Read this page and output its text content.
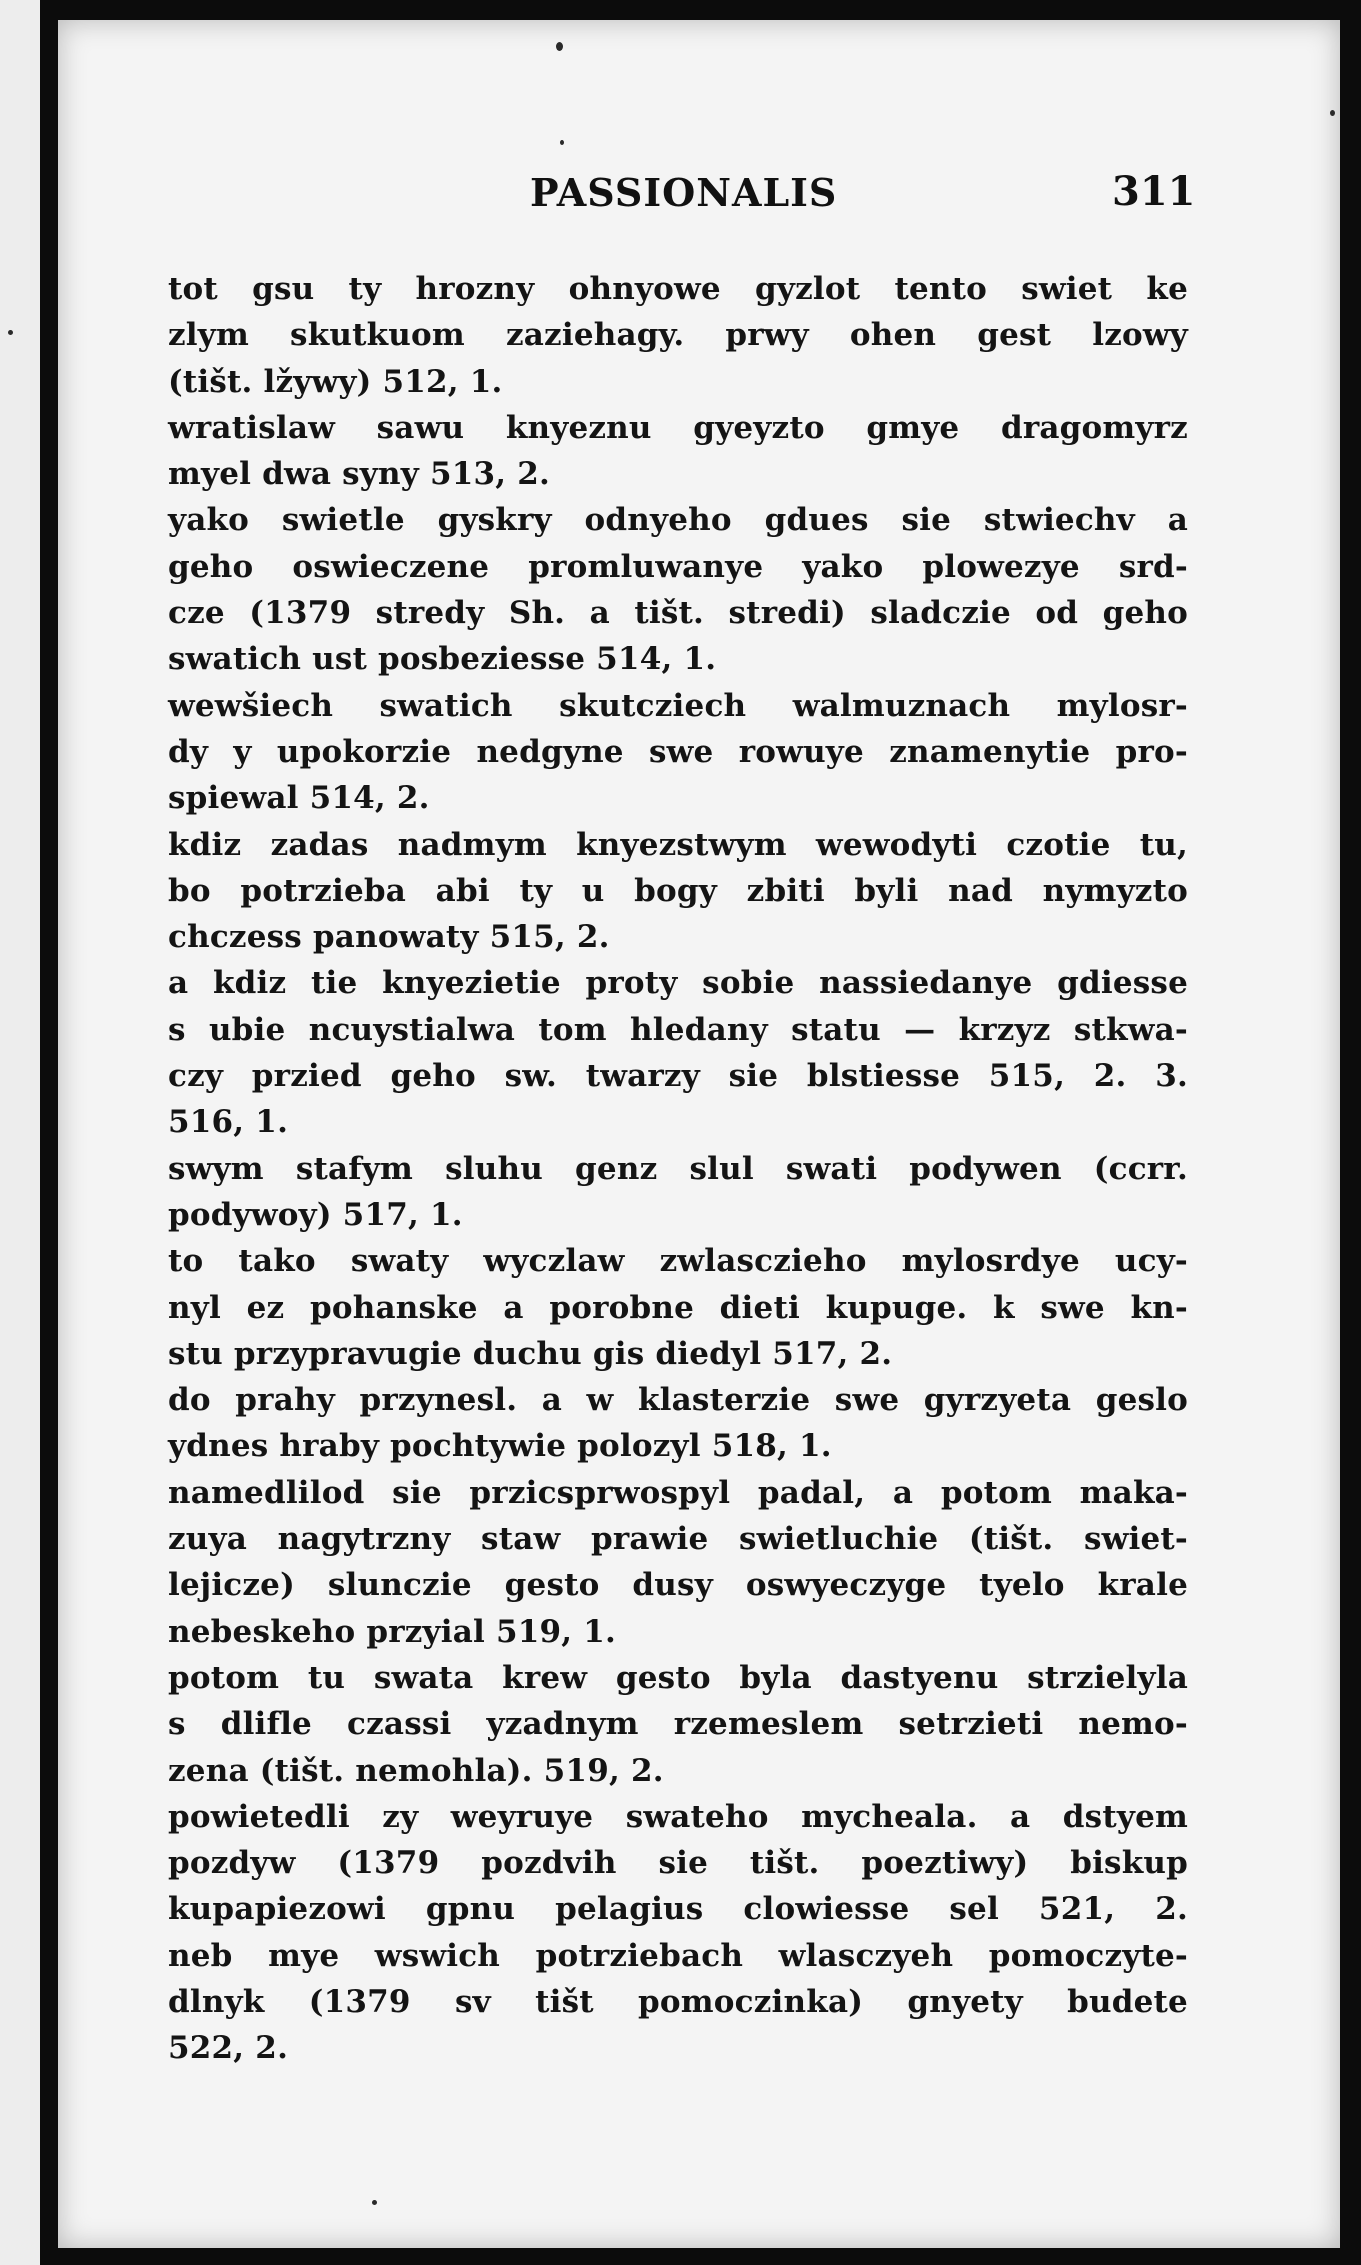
PASSIONALIS	311
tot gsu ty hrozny ohnyowe gyzlot tento swiet ke
zlym skutkuom zaziehagy. prwy ohen gest lzowy
(tišt. lžywy) 512, 1.
wratislaw sawu knyeznu gyeyzto gmye dragomyrz
myel dwa syny 513, 2.
yako swietle gyskry odnyeho gdues sie stwiechv a
geho oswieczene promluwanye yako plowezye srd-
cze (1379 stredy Sh. a tišt. stredi) sladczie od geho
swatich ust posbeziesse 514, 1.
wewšiech swatich skutcziech walmuznach mylosr-
dy y upokorzie nedgyne swe rowuye znamenytie pro-
spiewal 514, 2.
kdiz zadas nadmym knyezstwym wewodyti czotie tu,
bo potrzieba abi ty u bogy zbiti byli nad nymyzto
chczess panowaty 515, 2.
a kdiz tie knyezietie proty sobie nassiedanye gdiesse
s ubie ncuystialwa tom hledany statu — krzyz stkwa-
czy przied geho sw. twarzy sie blstiesse 515, 2. 3.
516, 1.
swym stafym sluhu genz slul swati podywen (ccrr.
podywoy) 517, 1.
to tako swaty wyczlaw zwlasczieho mylosrdye ucy-
nyl ez pohanske a porobne dieti kupuge. k swe kn-
stu przypravugie duchu gis diedyl 517, 2.
do prahy przynesl. a w klasterzie swe gyrzyeta geslo
ydnes hraby pochtywie polozyl 518, 1.
namedlilod sie przicsprwospyl padal, a potom maka-
zuya nagytrzny staw prawie swietluchie (tišt. swiet-
lejicze) slunczie gesto dusy oswyeczyge tyelo krale
nebeskeho przyial 519, 1.
potom tu swata krew gesto byla dastyenu strzielyla
s dlifle czassi yzadnym rzemeslem setrzieti nemo-
zena (tišt. nemohla). 519, 2.
powietedli zy weyruye swateho mycheala. a dstyem
pozdyw (1379 pozdvih sie tišt. poeztiwy) biskup
kupapiezowi gpnu pelagius clowiesse sel 521, 2.
neb mye wswich potrziebach wlasczyeh pomoczyte-
dlnyk (1379 sv tišt pomoczinka) gnyety budete
522, 2.
